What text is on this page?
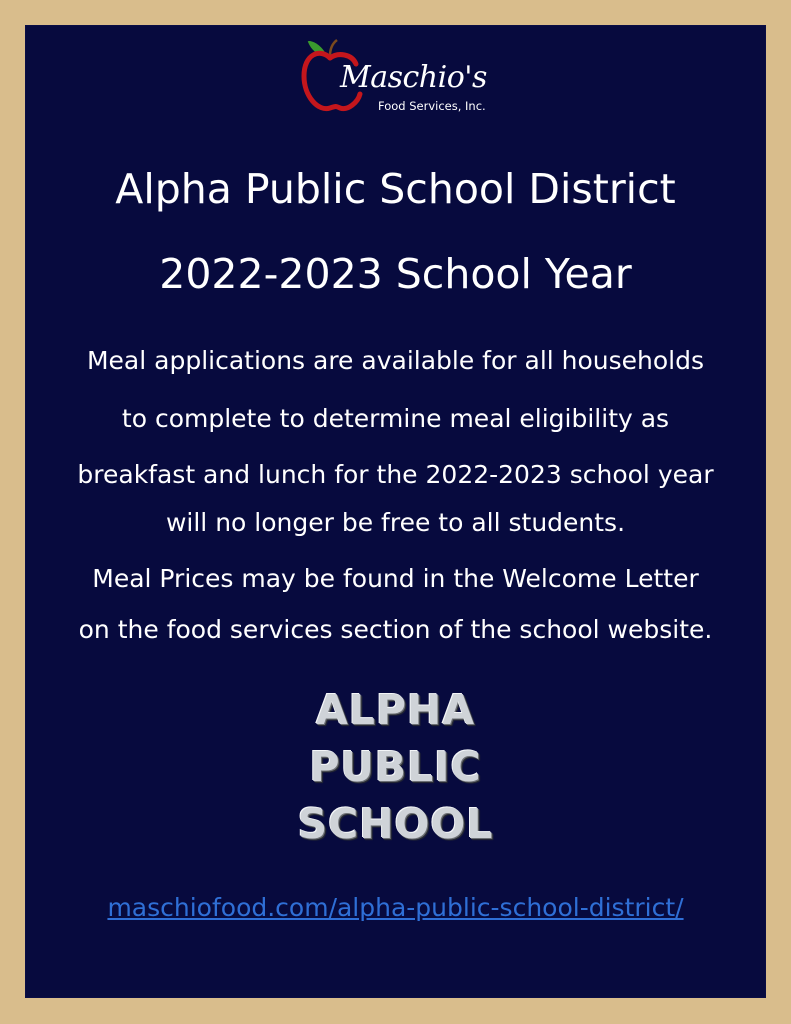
Maschio's
Food Services, Inc.
Alpha Public School District
2022-2023 School Year

Meal applications are available for all households

to complete to determine meal eligibility as

breakfast and lunch for the 2022-2023 school year

will no longer be free to all students.

Meal Prices may be found in the Welcome Letter

on the food services section of the school website.

ALPHA

PUBLIC

SCHOOL

maschiofood.com/alpha-public-school-district/
